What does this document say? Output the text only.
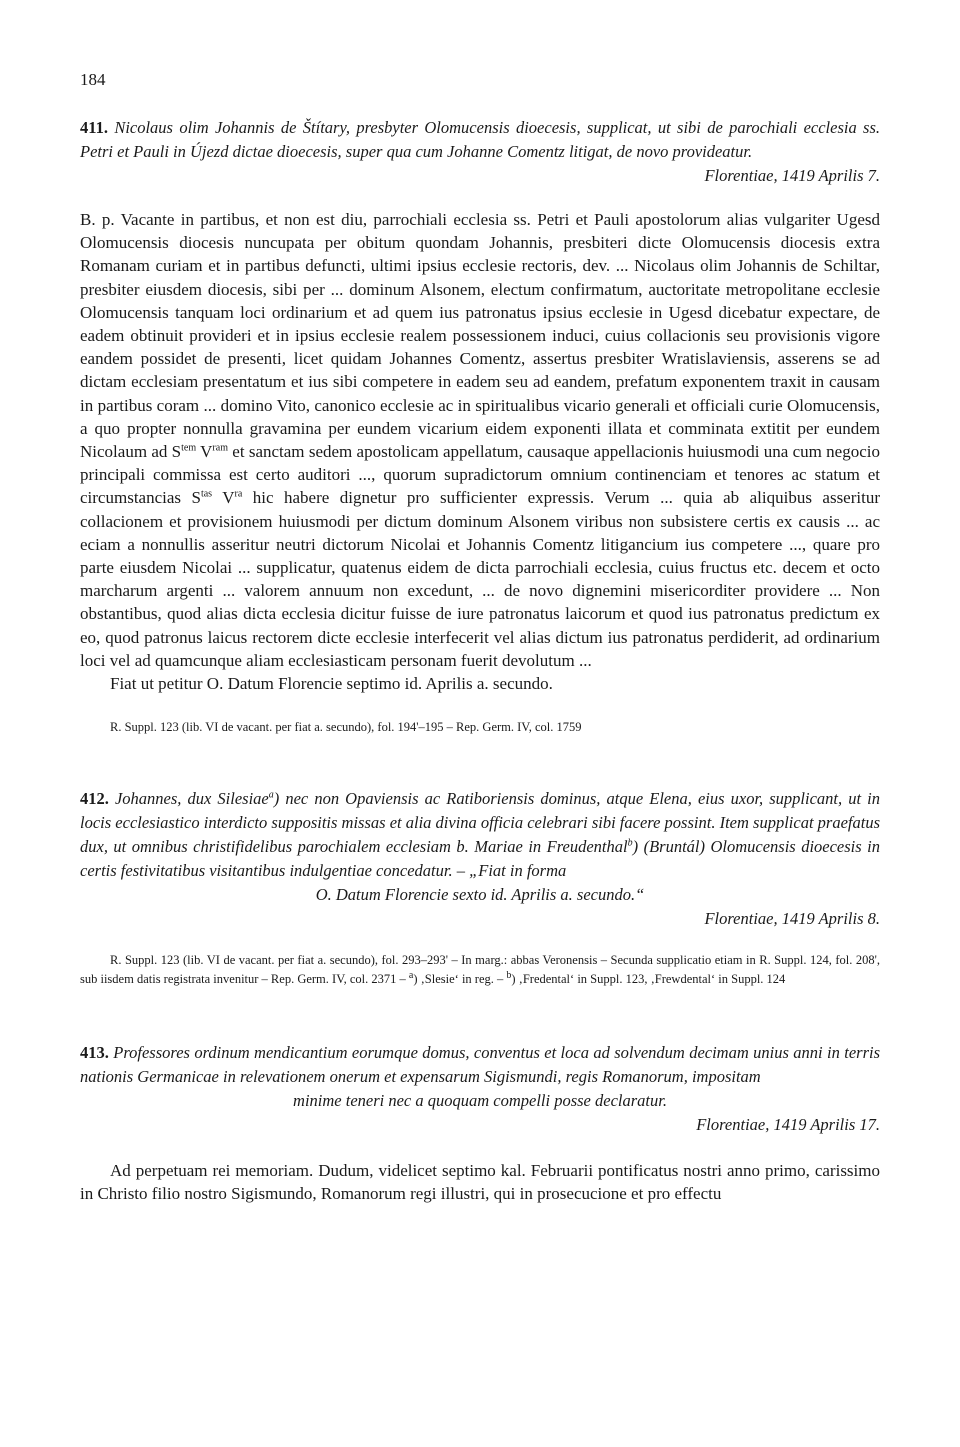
184
411. Nicolaus olim Johannis de Štítary, presbyter Olomucensis dioecesis, supplicat, ut sibi de parochiali ecclesia ss. Petri et Pauli in Újezd dictae dioecesis, super qua cum Johanne Comentz litigat, de novo provideatur.
Florentiae, 1419 Aprilis 7.
B. p. Vacante in partibus, et non est diu, parrochiali ecclesia ss. Petri et Pauli apostolorum alias vulgariter Ugesd Olomucensis diocesis nuncupata per obitum quondam Johannis, presbiteri dicte Olomucensis diocesis extra Romanam curiam et in partibus defuncti, ultimi ipsius ecclesie rectoris, dev. ... Nicolaus olim Johannis de Schiltar, presbiter eiusdem diocesis, sibi per ... dominum Alsonem, electum confirmatum, auctoritate metropolitane ecclesie Olomucensis tanquam loci ordinarium et ad quem ius patronatus ipsius ecclesie in Ugesd dicebatur expectare, de eadem obtinuit provideri et in ipsius ecclesie realem possessionem induci, cuius collacionis seu provisionis vigore eandem possidet de presenti, licet quidam Johannes Comentz, assertus presbiter Wratislaviensis, asserens se ad dictam ecclesiam presentatum et ius sibi competere in eadem seu ad eandem, prefatum exponentem traxit in causam in partibus coram ... domino Vito, canonico ecclesie ac in spiritualibus vicario generali et officiali curie Olomucensis, a quo propter nonnulla gravamina per eundem vicarium eidem exponenti illata et comminata extitit per eundem Nicolaum ad $S^{tem}$ $V^{ram}$ et sanctam sedem apostolicam appellatum, causaque appellacionis huiusmodi una cum negocio principali commissa est certo auditori ..., quorum supradictorum omnium continenciam et tenores ac statum et circumstancias $S^{tas}$ $V^{ra}$ hic habere dignetur pro sufficienter expressis. Verum ... quia ab aliquibus asseritur collacionem et provisionem huiusmodi per dictum dominum Alsonem viribus non subsistere certis ex causis ... ac eciam a nonnullis asseritur neutri dictorum Nicolai et Johannis Comentz litigancium ius competere ..., quare pro parte eiusdem Nicolai ... supplicatur, quatenus eidem de dicta parrochiali ecclesia, cuius fructus etc. decem et octo marcharum argenti ... valorem annuum non excedunt, ... de novo dignemini misericorditer providere ... Non obstantibus, quod alias dicta ecclesia dicitur fuisse de iure patronatus laicorum et quod ius patronatus predictum ex eo, quod patronus laicus rectorem dicte ecclesie interfecerit vel alias dictum ius patronatus perdiderit, ad ordinarium loci vel ad quamcunque aliam ecclesiasticam personam fuerit devolutum ...
Fiat ut petitur O. Datum Florencie septimo id. Aprilis a. secundo.
R. Suppl. 123 (lib. VI de vacant. per fiat a. secundo), fol. 194'–195 – Rep. Germ. IV, col. 1759
412. Johannes, dux Silesiae$^a$) nec non Opaviensis ac Ratiboriensis dominus, atque Elena, eius uxor, supplicant, ut in locis ecclesiastico interdicto suppositis missas et alia divina officia celebrari sibi facere possint. Item supplicat praefatus dux, ut omnibus christifidelibus parochialem ecclesiam b. Mariae in Freudenthal$^b$) (Bruntál) Olomucensis dioecesis in certis festivitatibus visitantibus indulgentiae concedatur. – „Fiat in forma
O. Datum Florencie sexto id. Aprilis a. secundo.“
Florentiae, 1419 Aprilis 8.
R. Suppl. 123 (lib. VI de vacant. per fiat a. secundo), fol. 293–293' – In marg.: abbas Veronensis – Secunda supplicatio etiam in R. Suppl. 124, fol. 208', sub iisdem datis registrata invenitur – Rep. Germ. IV, col. 2371 – $^a$) ‚Slesie‘ in reg. – $^b$) ‚Fredental‘ in Suppl. 123, ‚Frewdental‘ in Suppl. 124
413. Professores ordinum mendicantium eorumque domus, conventus et loca ad solvendum decimam unius anni in terris nationis Germanicae in relevationem onerum et expensarum Sigismundi, regis Romanorum, impositam
minime teneri nec a quoquam compelli posse declaratur.
Florentiae, 1419 Aprilis 17.
Ad perpetuam rei memoriam. Dudum, videlicet septimo kal. Februarii pontificatus nostri anno primo, carissimo in Christo filio nostro Sigismundo, Romanorum regi illustri, qui in prosecucione et pro effectu
